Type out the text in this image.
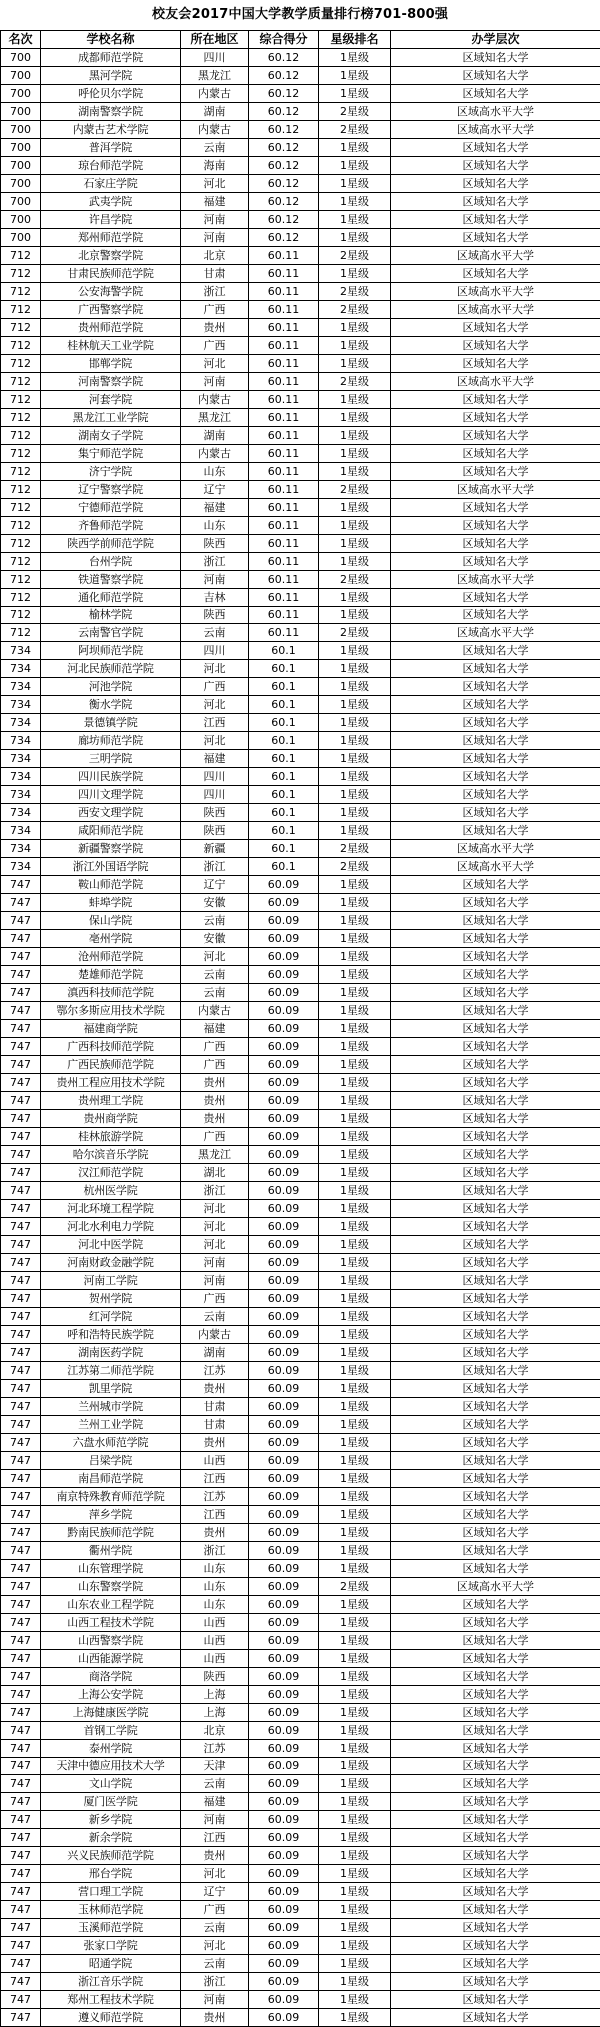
校友会2017中国大学教学质量排行榜701-800强
名次	学校名称	所在地区	综合得分	星级排名	办学层次
700	成都师范学院	四川	60.12	1星级	区域知名大学
700	黑河学院	黑龙江	60.12	1星级	区域知名大学
700	呼伦贝尔学院	内蒙古	60.12	1星级	区域知名大学
700	湖南警察学院	湖南	60.12	2星级	区域高水平大学
700	内蒙古艺术学院	内蒙古	60.12	2星级	区域高水平大学
700	普洱学院	云南	60.12	1星级	区域知名大学
700	琼台师范学院	海南	60.12	1星级	区域知名大学
700	石家庄学院	河北	60.12	1星级	区域知名大学
700	武夷学院	福建	60.12	1星级	区域知名大学
700	许昌学院	河南	60.12	1星级	区域知名大学
700	郑州师范学院	河南	60.12	1星级	区域知名大学
712	北京警察学院	北京	60.11	2星级	区域高水平大学
712	甘肃民族师范学院	甘肃	60.11	1星级	区域知名大学
712	公安海警学院	浙江	60.11	2星级	区域高水平大学
712	广西警察学院	广西	60.11	2星级	区域高水平大学
712	贵州师范学院	贵州	60.11	1星级	区域知名大学
712	桂林航天工业学院	广西	60.11	1星级	区域知名大学
712	邯郸学院	河北	60.11	1星级	区域知名大学
712	河南警察学院	河南	60.11	2星级	区域高水平大学
712	河套学院	内蒙古	60.11	1星级	区域知名大学
712	黑龙江工业学院	黑龙江	60.11	1星级	区域知名大学
712	湖南女子学院	湖南	60.11	1星级	区域知名大学
712	集宁师范学院	内蒙古	60.11	1星级	区域知名大学
712	济宁学院	山东	60.11	1星级	区域知名大学
712	辽宁警察学院	辽宁	60.11	2星级	区域高水平大学
712	宁德师范学院	福建	60.11	1星级	区域知名大学
712	齐鲁师范学院	山东	60.11	1星级	区域知名大学
712	陕西学前师范学院	陕西	60.11	1星级	区域知名大学
712	台州学院	浙江	60.11	1星级	区域知名大学
712	铁道警察学院	河南	60.11	2星级	区域高水平大学
712	通化师范学院	吉林	60.11	1星级	区域知名大学
712	榆林学院	陕西	60.11	1星级	区域知名大学
712	云南警官学院	云南	60.11	2星级	区域高水平大学
734	阿坝师范学院	四川	60.1	1星级	区域知名大学
734	河北民族师范学院	河北	60.1	1星级	区域知名大学
734	河池学院	广西	60.1	1星级	区域知名大学
734	衡水学院	河北	60.1	1星级	区域知名大学
734	景德镇学院	江西	60.1	1星级	区域知名大学
734	廊坊师范学院	河北	60.1	1星级	区域知名大学
734	三明学院	福建	60.1	1星级	区域知名大学
734	四川民族学院	四川	60.1	1星级	区域知名大学
734	四川文理学院	四川	60.1	1星级	区域知名大学
734	西安文理学院	陕西	60.1	1星级	区域知名大学
734	咸阳师范学院	陕西	60.1	1星级	区域知名大学
734	新疆警察学院	新疆	60.1	2星级	区域高水平大学
734	浙江外国语学院	浙江	60.1	2星级	区域高水平大学
747	鞍山师范学院	辽宁	60.09	1星级	区域知名大学
747	蚌埠学院	安徽	60.09	1星级	区域知名大学
747	保山学院	云南	60.09	1星级	区域知名大学
747	亳州学院	安徽	60.09	1星级	区域知名大学
747	沧州师范学院	河北	60.09	1星级	区域知名大学
747	楚雄师范学院	云南	60.09	1星级	区域知名大学
747	滇西科技师范学院	云南	60.09	1星级	区域知名大学
747	鄂尔多斯应用技术学院	内蒙古	60.09	1星级	区域知名大学
747	福建商学院	福建	60.09	1星级	区域知名大学
747	广西科技师范学院	广西	60.09	1星级	区域知名大学
747	广西民族师范学院	广西	60.09	1星级	区域知名大学
747	贵州工程应用技术学院	贵州	60.09	1星级	区域知名大学
747	贵州理工学院	贵州	60.09	1星级	区域知名大学
747	贵州商学院	贵州	60.09	1星级	区域知名大学
747	桂林旅游学院	广西	60.09	1星级	区域知名大学
747	哈尔滨音乐学院	黑龙江	60.09	1星级	区域知名大学
747	汉江师范学院	湖北	60.09	1星级	区域知名大学
747	杭州医学院	浙江	60.09	1星级	区域知名大学
747	河北环境工程学院	河北	60.09	1星级	区域知名大学
747	河北水利电力学院	河北	60.09	1星级	区域知名大学
747	河北中医学院	河北	60.09	1星级	区域知名大学
747	河南财政金融学院	河南	60.09	1星级	区域知名大学
747	河南工学院	河南	60.09	1星级	区域知名大学
747	贺州学院	广西	60.09	1星级	区域知名大学
747	红河学院	云南	60.09	1星级	区域知名大学
747	呼和浩特民族学院	内蒙古	60.09	1星级	区域知名大学
747	湖南医药学院	湖南	60.09	1星级	区域知名大学
747	江苏第二师范学院	江苏	60.09	1星级	区域知名大学
747	凯里学院	贵州	60.09	1星级	区域知名大学
747	兰州城市学院	甘肃	60.09	1星级	区域知名大学
747	兰州工业学院	甘肃	60.09	1星级	区域知名大学
747	六盘水师范学院	贵州	60.09	1星级	区域知名大学
747	吕梁学院	山西	60.09	1星级	区域知名大学
747	南昌师范学院	江西	60.09	1星级	区域知名大学
747	南京特殊教育师范学院	江苏	60.09	1星级	区域知名大学
747	萍乡学院	江西	60.09	1星级	区域知名大学
747	黔南民族师范学院	贵州	60.09	1星级	区域知名大学
747	衢州学院	浙江	60.09	1星级	区域知名大学
747	山东管理学院	山东	60.09	1星级	区域知名大学
747	山东警察学院	山东	60.09	2星级	区域高水平大学
747	山东农业工程学院	山东	60.09	1星级	区域知名大学
747	山西工程技术学院	山西	60.09	1星级	区域知名大学
747	山西警察学院	山西	60.09	1星级	区域知名大学
747	山西能源学院	山西	60.09	1星级	区域知名大学
747	商洛学院	陕西	60.09	1星级	区域知名大学
747	上海公安学院	上海	60.09	1星级	区域知名大学
747	上海健康医学院	上海	60.09	1星级	区域知名大学
747	首钢工学院	北京	60.09	1星级	区域知名大学
747	泰州学院	江苏	60.09	1星级	区域知名大学
747	天津中德应用技术大学	天津	60.09	1星级	区域知名大学
747	文山学院	云南	60.09	1星级	区域知名大学
747	厦门医学院	福建	60.09	1星级	区域知名大学
747	新乡学院	河南	60.09	1星级	区域知名大学
747	新余学院	江西	60.09	1星级	区域知名大学
747	兴义民族师范学院	贵州	60.09	1星级	区域知名大学
747	邢台学院	河北	60.09	1星级	区域知名大学
747	营口理工学院	辽宁	60.09	1星级	区域知名大学
747	玉林师范学院	广西	60.09	1星级	区域知名大学
747	玉溪师范学院	云南	60.09	1星级	区域知名大学
747	张家口学院	河北	60.09	1星级	区域知名大学
747	昭通学院	云南	60.09	1星级	区域知名大学
747	浙江音乐学院	浙江	60.09	1星级	区域知名大学
747	郑州工程技术学院	河南	60.09	1星级	区域知名大学
747	遵义师范学院	贵州	60.09	1星级	区域知名大学
